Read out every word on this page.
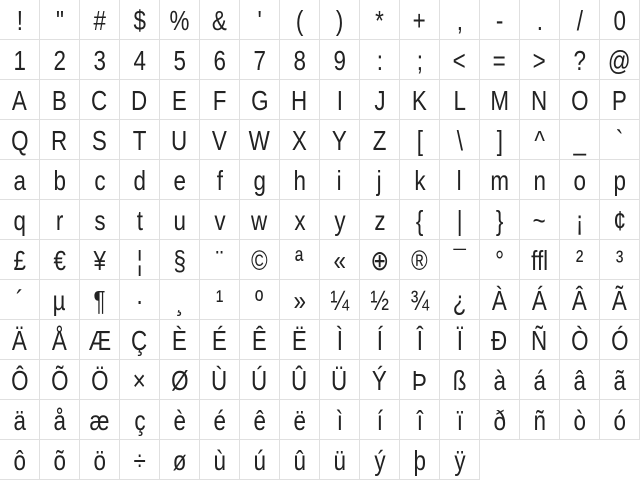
! " # $ % & ' ( ) * + , - . / 0
1 2 3 4 5 6 7 8 9 : ; < = > ? @
A B C D E F G H I J K L M N O P
Q R S T U V W X Y Z [ \ ] ^ _ `
a b c d e f g h i j k l m n o p
q r s t u v w x y z { | } ~ ¡ ¢
£ € ¥ ¦ § ¨ © ª « ⊕ ® ¯ ° ffl ² ³
´ µ ¶ · ¸ ¹ º » ¼ ½ ¾ ¿ À Á Â Ã
Ä Å Æ Ç È É Ê Ë Ì Í Î Ï Ð Ñ Ò Ó
Ô Õ Ö × Ø Ù Ú Û Ü Ý Þ ß à á â ã
ä å æ ç è é ê ë ì í î ï ð ñ ò ó
ô õ ö ÷ ø ù ú û ü ý þ ÿ
